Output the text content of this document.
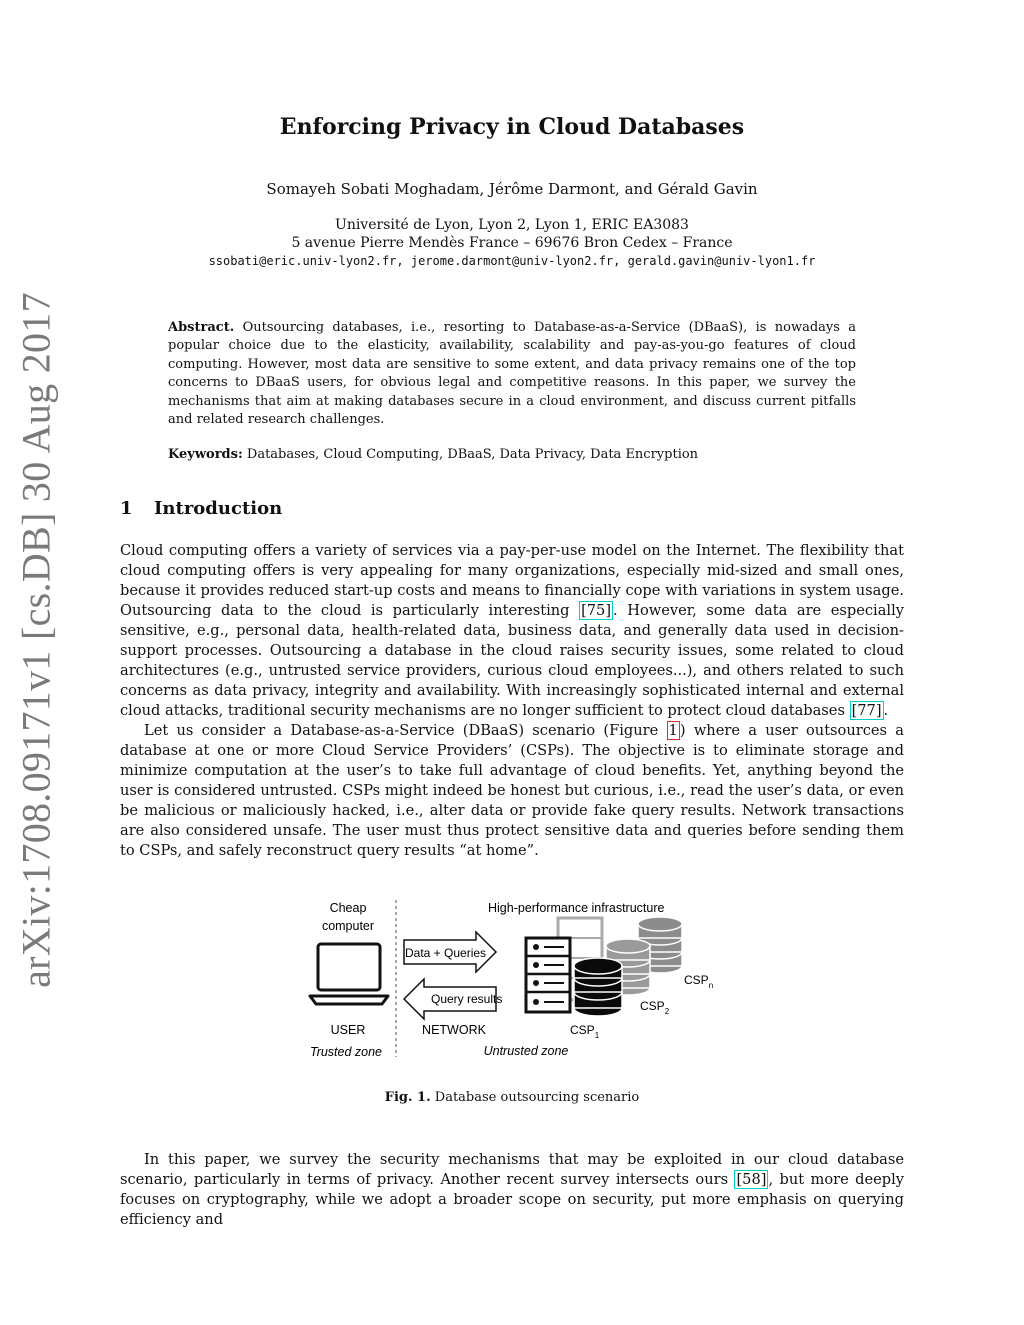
arXiv:1708.09171v1 [cs.DB] 30 Aug 2017
Enforcing Privacy in Cloud Databases
Somayeh Sobati Moghadam, Jérôme Darmont, and Gérald Gavin
Université de Lyon, Lyon 2, Lyon 1, ERIC EA3083
5 avenue Pierre Mendès France – 69676 Bron Cedex – France
ssobati@eric.univ-lyon2.fr, jerome.darmont@univ-lyon2.fr, gerald.gavin@univ-lyon1.fr
Abstract. Outsourcing databases, i.e., resorting to Database-as-a-Service (DBaaS), is nowadays a popular choice due to the elasticity, availability, scalability and pay-as-you-go features of cloud computing. However, most data are sensitive to some extent, and data privacy remains one of the top concerns to DBaaS users, for obvious legal and competitive reasons. In this paper, we survey the mechanisms that aim at making databases secure in a cloud environment, and discuss current pitfalls and related research challenges.
Keywords: Databases, Cloud Computing, DBaaS, Data Privacy, Data Encryption
1 Introduction

Cloud computing offers a variety of services via a pay-per-use model on the Internet. The flexibility that cloud computing offers is very appealing for many organizations, especially mid-sized and small ones, because it provides reduced start-up costs and means to financially cope with variations in system usage. Outsourcing data to the cloud is particularly interesting [75] . However, some data are especially sensitive, e.g., personal data, health-related data, business data, and generally data used in decision-support processes. Outsourcing a database in the cloud raises security issues, some related to cloud architectures (e.g., untrusted service providers, curious cloud employees...), and others related to such concerns as data privacy, integrity and availability. With increasingly sophisticated internal and external cloud attacks, traditional security mechanisms are no longer sufficient to protect cloud databases [77] .

Let us consider a Database-as-a-Service (DBaaS) scenario (Figure 1 ) where a user outsources a database at one or more Cloud Service Providers’ (CSPs). The objective is to eliminate storage and minimize computation at the user’s to take full advantage of cloud benefits. Yet, anything beyond the user is considered untrusted. CSPs might indeed be honest but curious, i.e., read the user’s data, or even be malicious or maliciously hacked, i.e., alter data or provide fake query results. Network transactions are also considered unsafe. The user must thus protect sensitive data and queries before sending them to CSPs, and safely reconstruct query results “at home”.

Cheap
computer
High-performance infrastructure
Data + Queries
Query results
$CSP_n$
$CSP_2$
$CSP_1$
USER
Trusted zone
NETWORK
Untrusted zone
Fig. 1. Database outsourcing scenario

In this paper, we survey the security mechanisms that may be exploited in our cloud database scenario, particularly in terms of privacy. Another recent survey intersects ours [58] , but more deeply focuses on cryptography, while we adopt a broader scope on security, put more emphasis on querying efficiency and
